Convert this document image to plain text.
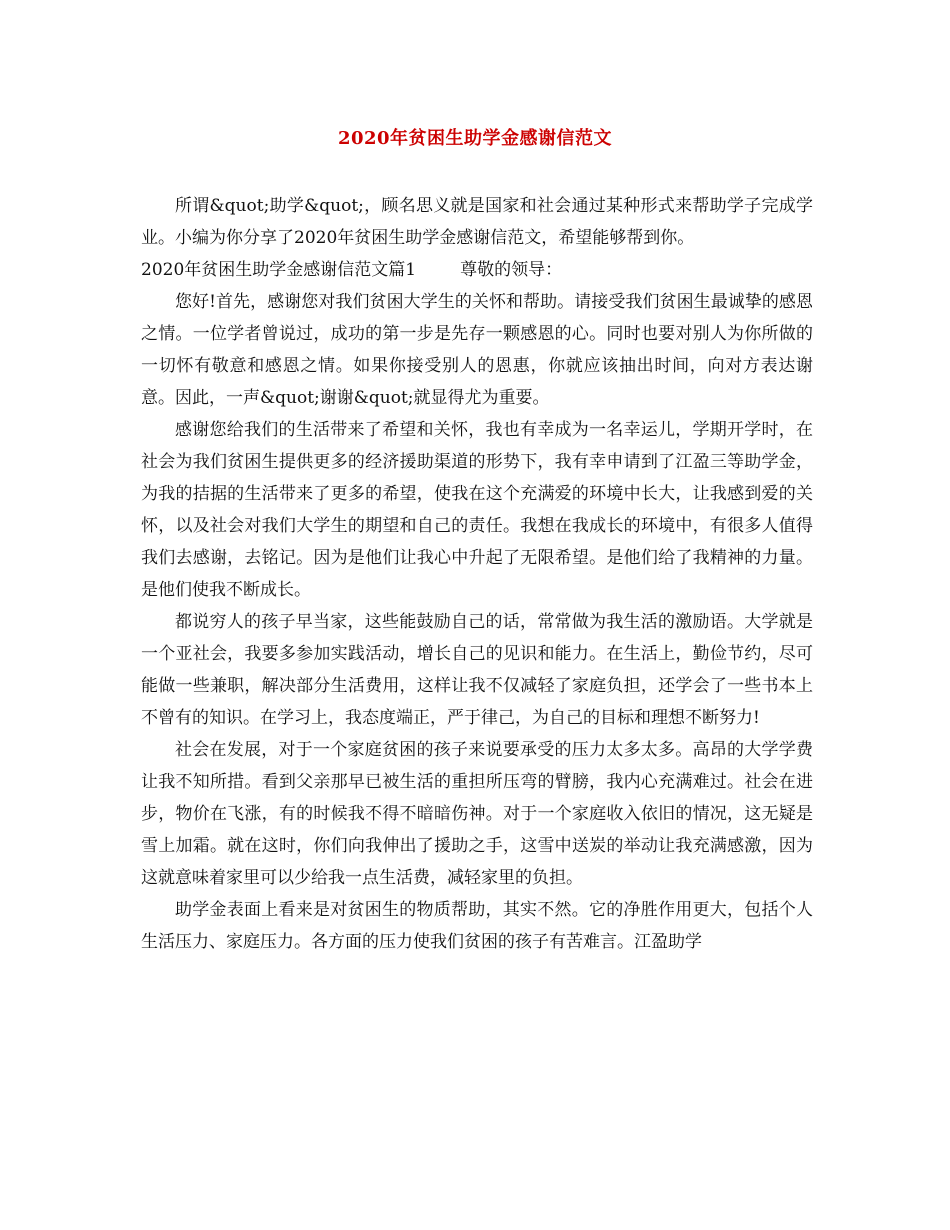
2020年贫困生助学金感谢信范文

所谓&quot;助学&quot;，顾名思义就是国家和社会通过某种形式来帮助学子完成学业。小编为你分享了2020年贫困生助学金感谢信范文，希望能够帮到你。

2020年贫困生助学金感谢信范文篇1	尊敬的领导：

您好!首先，感谢您对我们贫困大学生的关怀和帮助。请接受我们贫困生最诚挚的感恩之情。一位学者曾说过，成功的第一步是先存一颗感恩的心。同时也要对别人为你所做的一切怀有敬意和感恩之情。如果你接受别人的恩惠，你就应该抽出时间，向对方表达谢意。因此，一声&quot;谢谢&quot;就显得尤为重要。

感谢您给我们的生活带来了希望和关怀，我也有幸成为一名幸运儿，学期开学时，在社会为我们贫困生提供更多的经济援助渠道的形势下，我有幸申请到了江盈三等助学金，为我的拮据的生活带来了更多的希望，使我在这个充满爱的环境中长大，让我感到爱的关怀，以及社会对我们大学生的期望和自己的责任。我想在我成长的环境中，有很多人值得我们去感谢，去铭记。因为是他们让我心中升起了无限希望。是他们给了我精神的力量。是他们使我不断成长。

都说穷人的孩子早当家，这些能鼓励自己的话，常常做为我生活的激励语。大学就是一个亚社会，我要多参加实践活动，增长自己的见识和能力。在生活上，勤俭节约，尽可能做一些兼职，解决部分生活费用，这样让我不仅减轻了家庭负担，还学会了一些书本上不曾有的知识。在学习上，我态度端正，严于律己，为自己的目标和理想不断努力!

社会在发展，对于一个家庭贫困的孩子来说要承受的压力太多太多。高昂的大学学费让我不知所措。看到父亲那早已被生活的重担所压弯的臂膀，我内心充满难过。社会在进步，物价在飞涨，有的时候我不得不暗暗伤神。对于一个家庭收入依旧的情况，这无疑是雪上加霜。就在这时，你们向我伸出了援助之手，这雪中送炭的举动让我充满感激，因为这就意味着家里可以少给我一点生活费，减轻家里的负担。

助学金表面上看来是对贫困生的物质帮助，其实不然。它的净胜作用更大，包括个人生活压力、家庭压力。各方面的压力使我们贫困的孩子有苦难言。江盈助学
